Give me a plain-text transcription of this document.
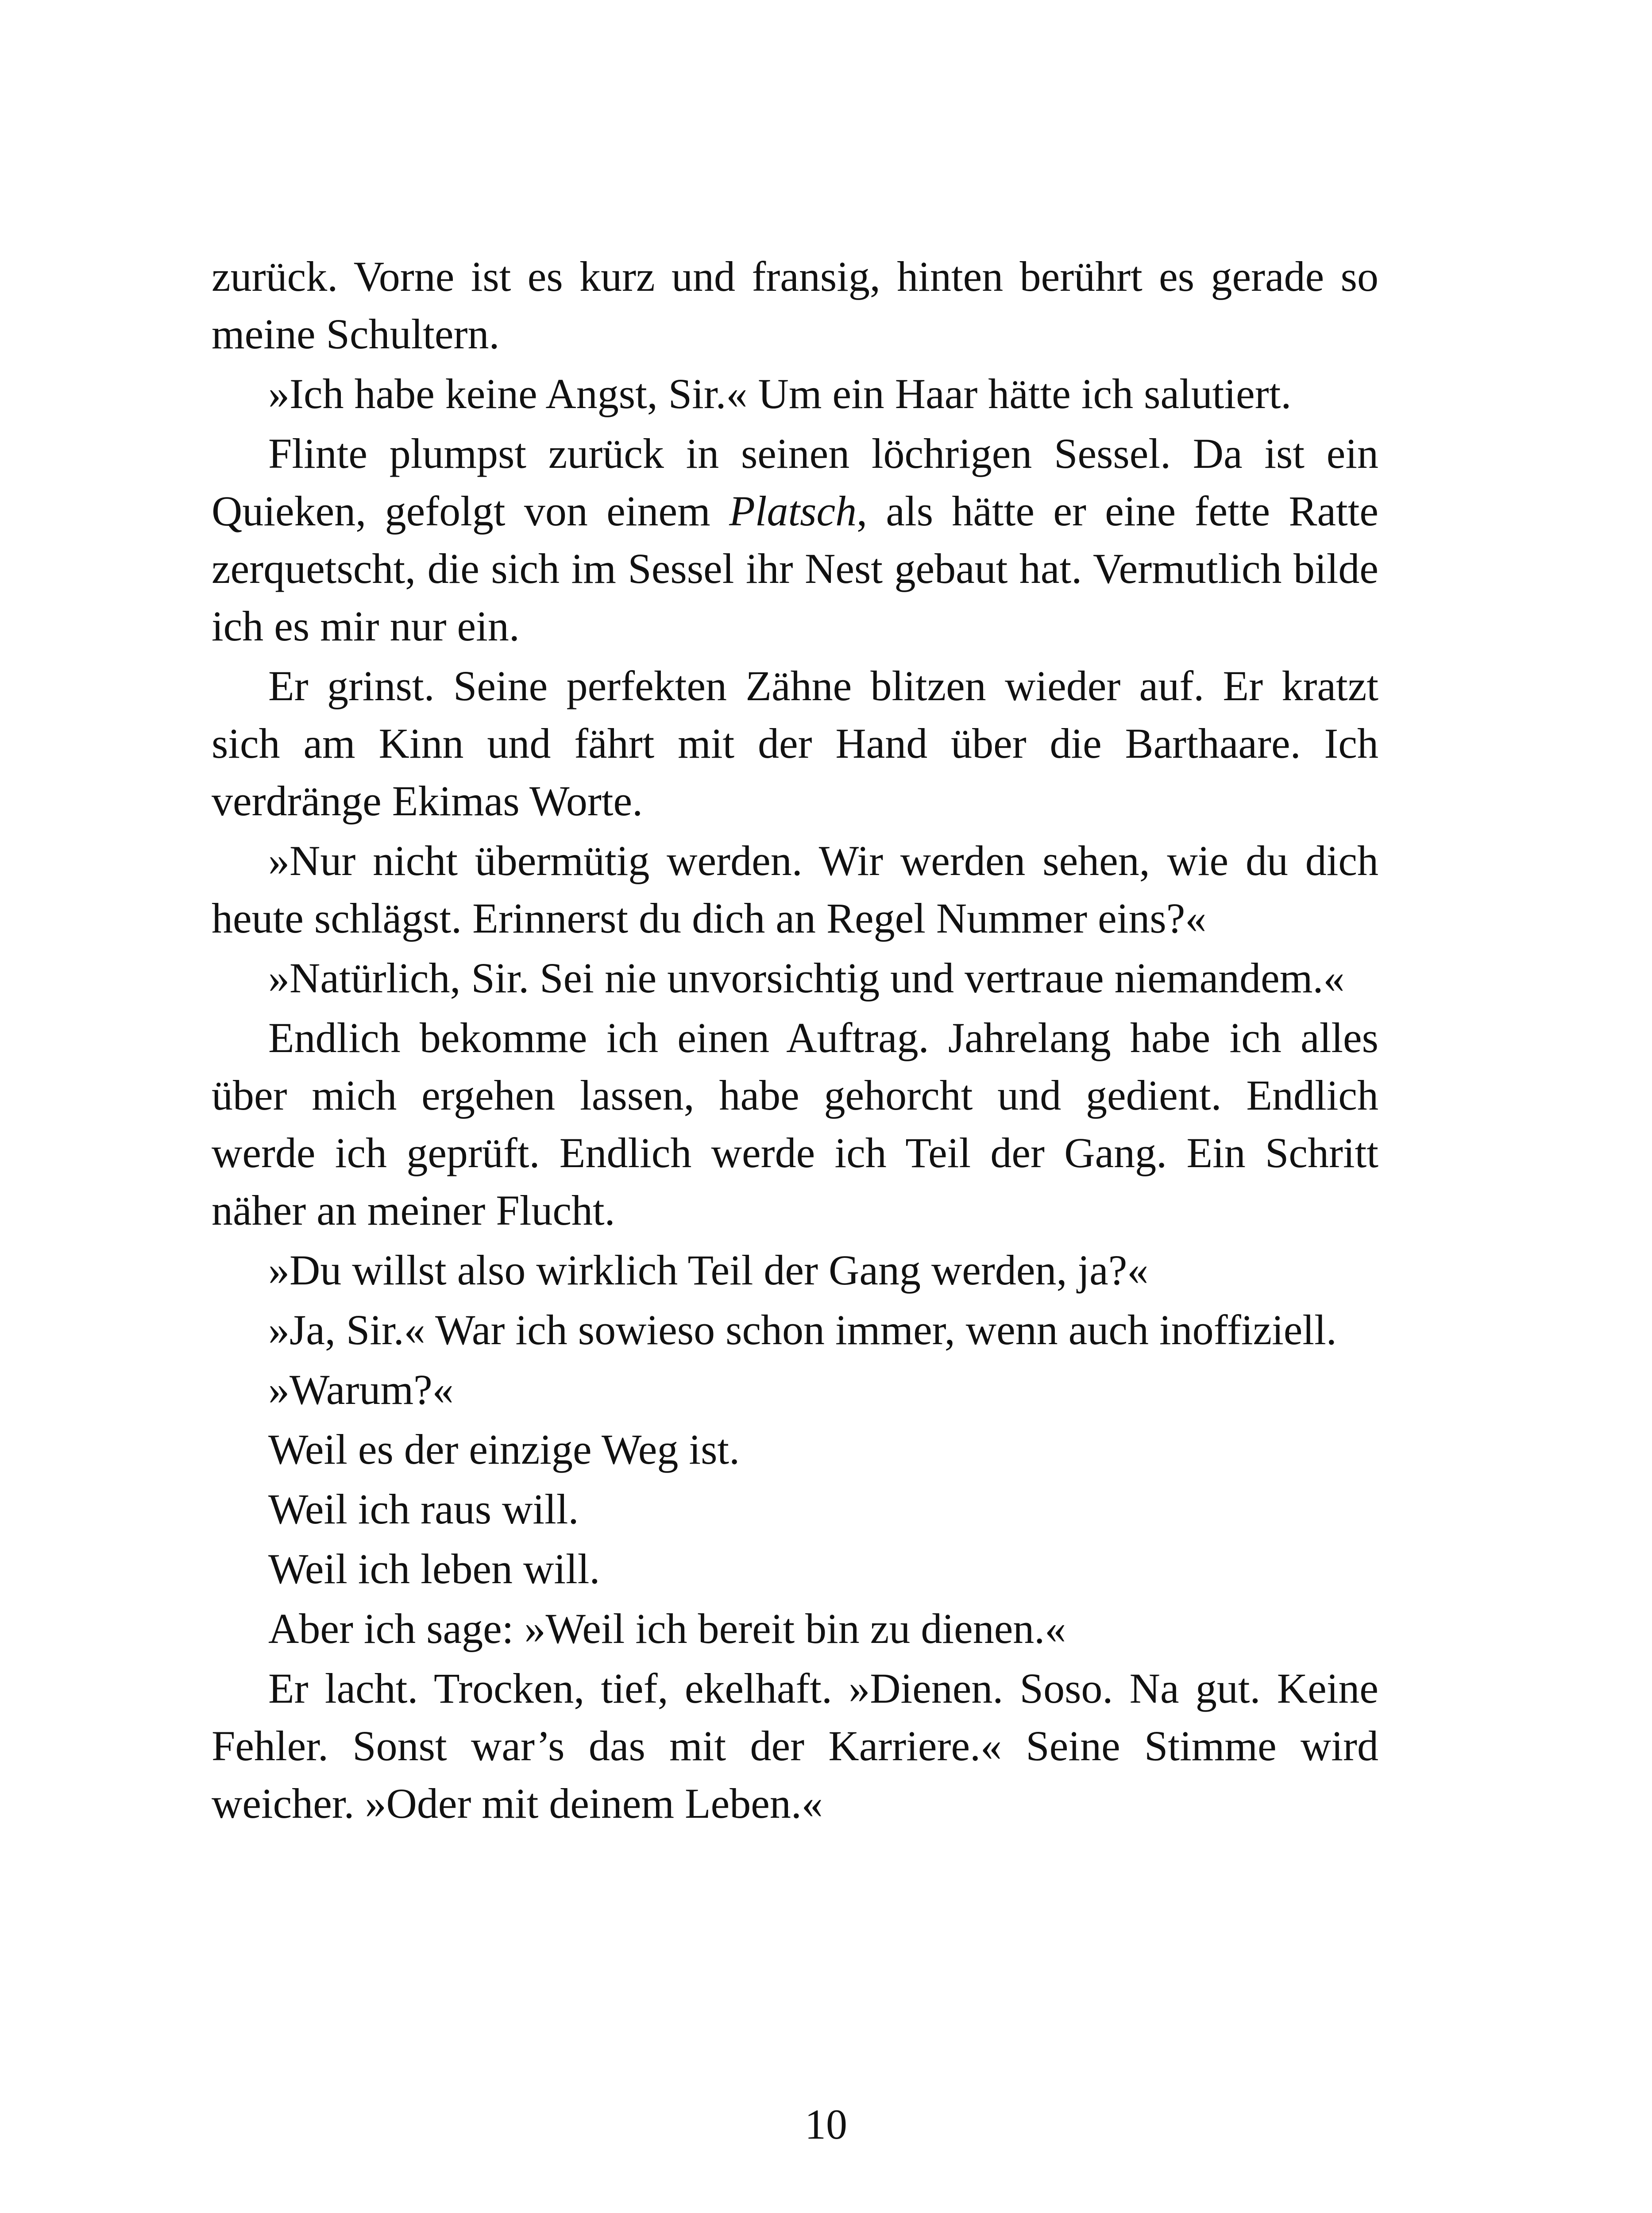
zurück. Vorne ist es kurz und fransig, hinten berührt es gerade so meine Schultern.

»Ich habe keine Angst, Sir.« Um ein Haar hätte ich salutiert.

Flinte plumpst zurück in seinen löchrigen Sessel. Da ist ein Quieken, gefolgt von einem Platsch, als hätte er eine fette Ratte zerquetscht, die sich im Sessel ihr Nest gebaut hat. Vermutlich bilde ich es mir nur ein.

Er grinst. Seine perfekten Zähne blitzen wieder auf. Er kratzt sich am Kinn und fährt mit der Hand über die Barthaare. Ich verdränge Ekimas Worte.

»Nur nicht übermütig werden. Wir werden sehen, wie du dich heute schlägst. Erinnerst du dich an Regel Nummer eins?«

»Natürlich, Sir. Sei nie unvorsichtig und vertraue niemandem.«

Endlich bekomme ich einen Auftrag. Jahrelang habe ich alles über mich ergehen lassen, habe gehorcht und gedient. Endlich werde ich geprüft. Endlich werde ich Teil der Gang. Ein Schritt näher an meiner Flucht.

»Du willst also wirklich Teil der Gang werden, ja?«

»Ja, Sir.« War ich sowieso schon immer, wenn auch inoffiziell.

»Warum?«

Weil es der einzige Weg ist.

Weil ich raus will.

Weil ich leben will.

Aber ich sage: »Weil ich bereit bin zu dienen.«

Er lacht. Trocken, tief, ekelhaft. »Dienen. Soso. Na gut. Keine Fehler. Sonst war’s das mit der Karriere.« Seine Stimme wird weicher. »Oder mit deinem Leben.«

10
